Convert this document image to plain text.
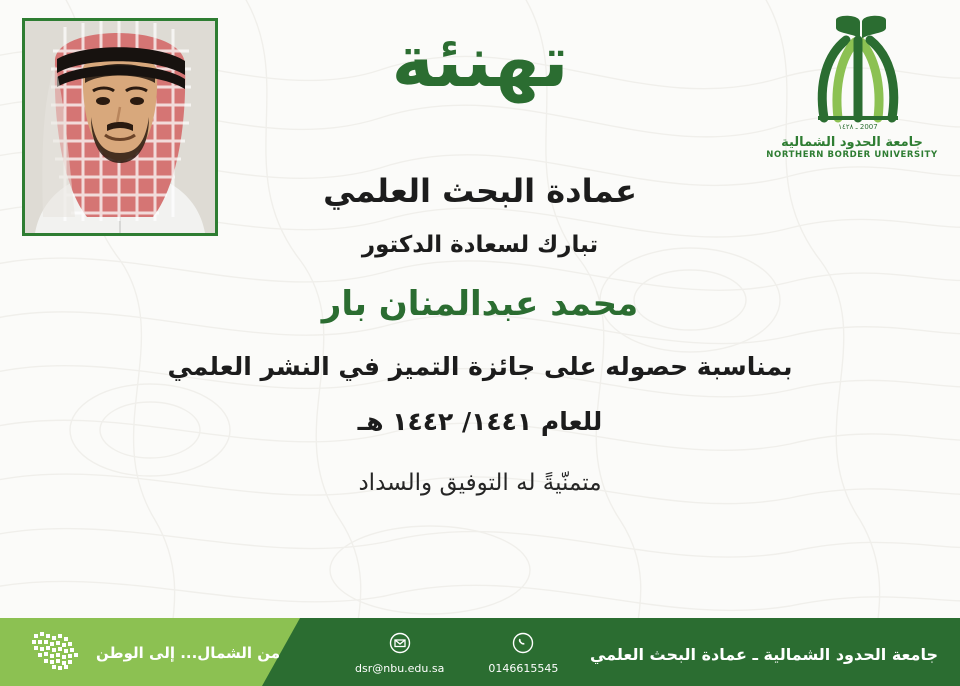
2007 ـ ١٤٢٨
جامعة الحدود الشمالية
NORTHERN BORDER UNIVERSITY
تهنئة
عمادة البحث العلمي
تبارك لسعادة الدكتور
محمد عبدالمنان بار
بمناسبة حصوله على جائزة التميز في النشر العلمي
للعام ١٤٤١/ ١٤٤٢ هـ
متمنّيةً له التوفيق والسداد
من الشمال... إلى الوطن
0146615545
dsr@nbu.edu.sa
جامعة الحدود الشمالية ـ عمادة البحث العلمي
